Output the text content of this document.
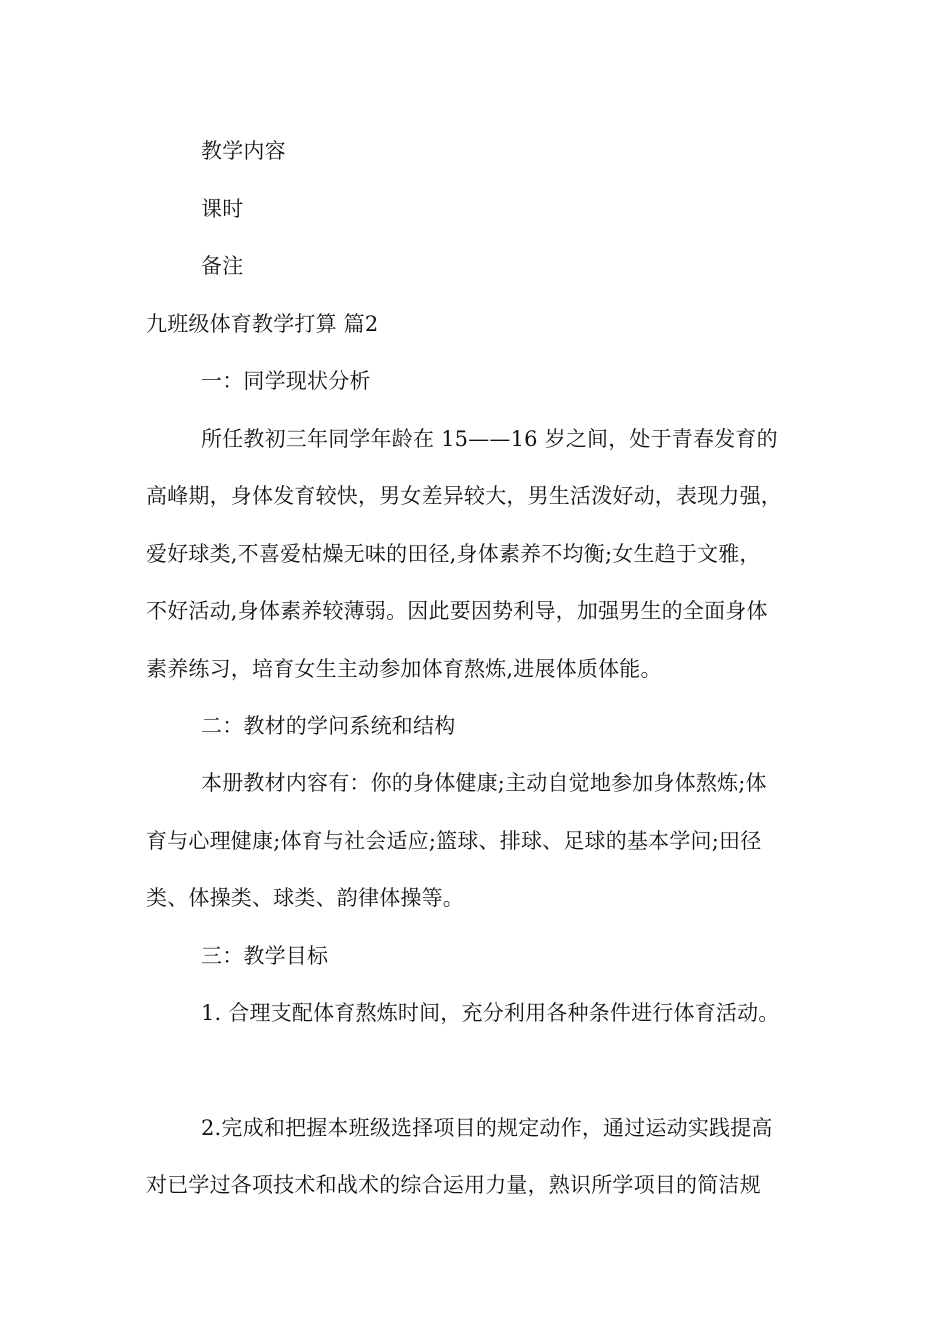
教学内容
课时
备注
九班级体育教学打算 篇2
一：同学现状分析
所任教初三年同学年龄在 15——16 岁之间，处于青春发育的
高峰期，身体发育较快，男女差异较大，男生活泼好动，表现力强，
爱好球类,不喜爱枯燥无味的田径,身体素养不均衡;女生趋于文雅，
不好活动,身体素养较薄弱。因此要因势利导，加强男生的全面身体
素养练习，培育女生主动参加体育熬炼,进展体质体能。
二：教材的学问系统和结构
本册教材内容有：你的身体健康;主动自觉地参加身体熬炼;体
育与心理健康;体育与社会适应;篮球、排球、足球的基本学问;田径
类、体操类、球类、韵律体操等。
三：教学目标
1. 合理支配体育熬炼时间，充分利用各种条件进行体育活动。
2.完成和把握本班级选择项目的规定动作，通过运动实践提高
对已学过各项技术和战术的综合运用力量，熟识所学项目的简洁规
